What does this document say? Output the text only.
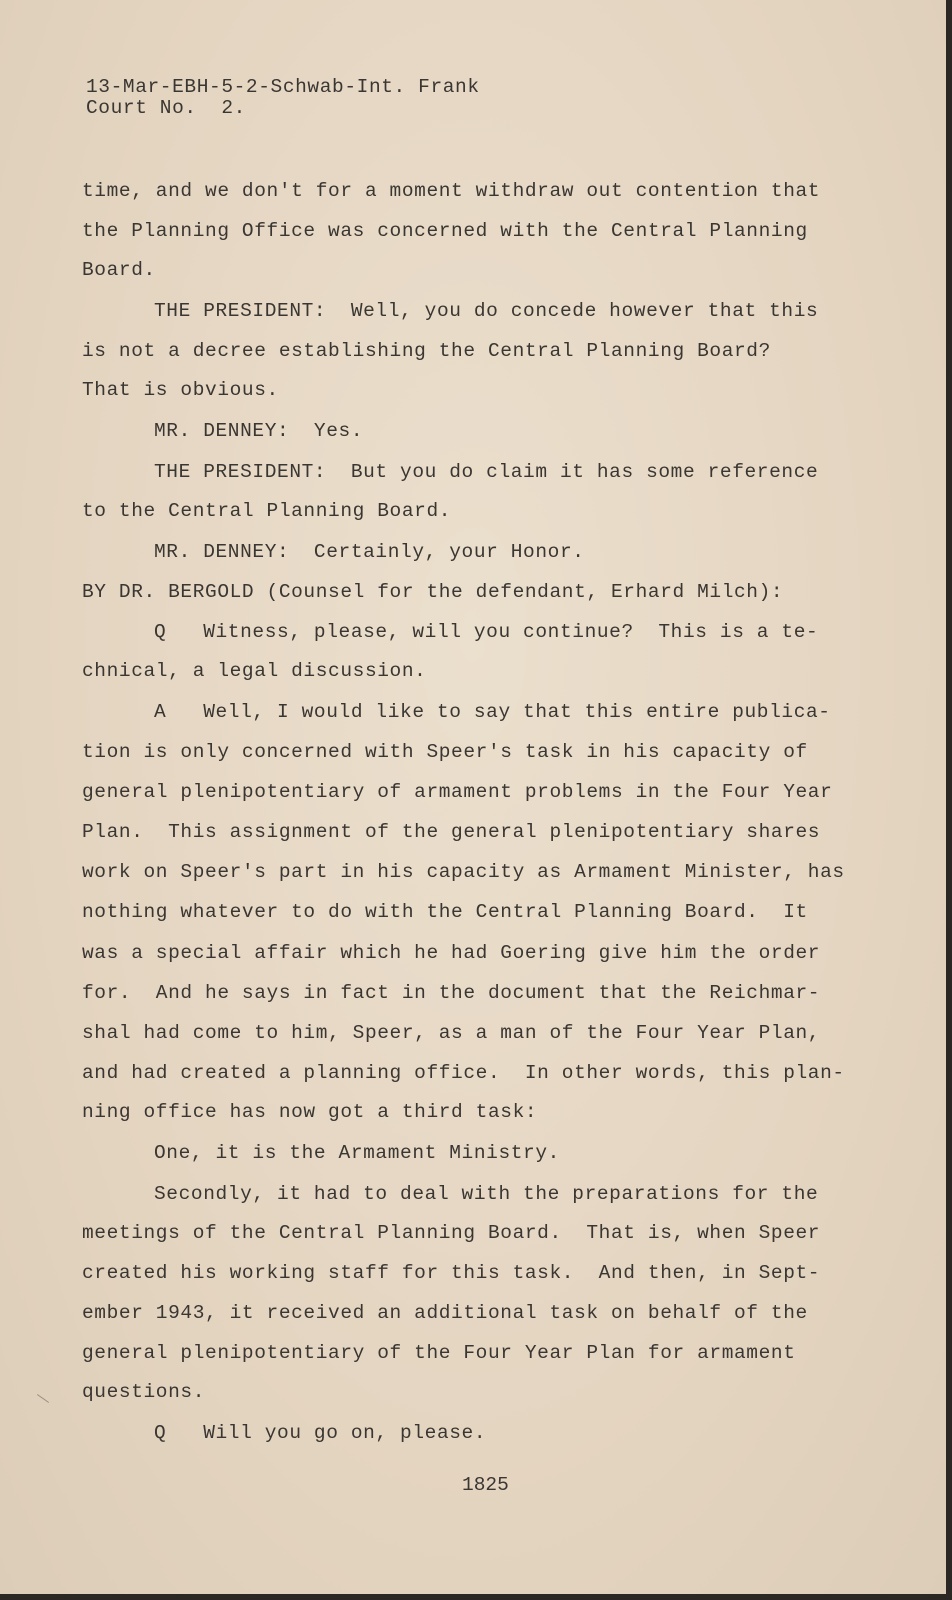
13-Mar-EBH-5-2-Schwab-Int. Frank
Court No.  2.
time, and we don't for a moment withdraw out contention that
the Planning Office was concerned with the Central Planning
Board.
THE PRESIDENT:  Well, you do concede however that this
is not a decree establishing the Central Planning Board?
That is obvious.
MR. DENNEY:  Yes.
THE PRESIDENT:  But you do claim it has some reference
to the Central Planning Board.
MR. DENNEY:  Certainly, your Honor.
BY DR. BERGOLD (Counsel for the defendant, Erhard Milch):
Q   Witness, please, will you continue?  This is a te-
chnical, a legal discussion.
A   Well, I would like to say that this entire publica-
tion is only concerned with Speer's task in his capacity of
general plenipotentiary of armament problems in the Four Year
Plan.  This assignment of the general plenipotentiary shares
work on Speer's part in his capacity as Armament Minister, has
nothing whatever to do with the Central Planning Board.  It
was a special affair which he had Goering give him the order
for.  And he says in fact in the document that the Reichmar-
shal had come to him, Speer, as a man of the Four Year Plan,
and had created a planning office.  In other words, this plan-
ning office has now got a third task:
One, it is the Armament Ministry.
Secondly, it had to deal with the preparations for the
meetings of the Central Planning Board.  That is, when Speer
created his working staff for this task.  And then, in Sept-
ember 1943, it received an additional task on behalf of the
general plenipotentiary of the Four Year Plan for armament
questions.
Q   Will you go on, please.
1825
